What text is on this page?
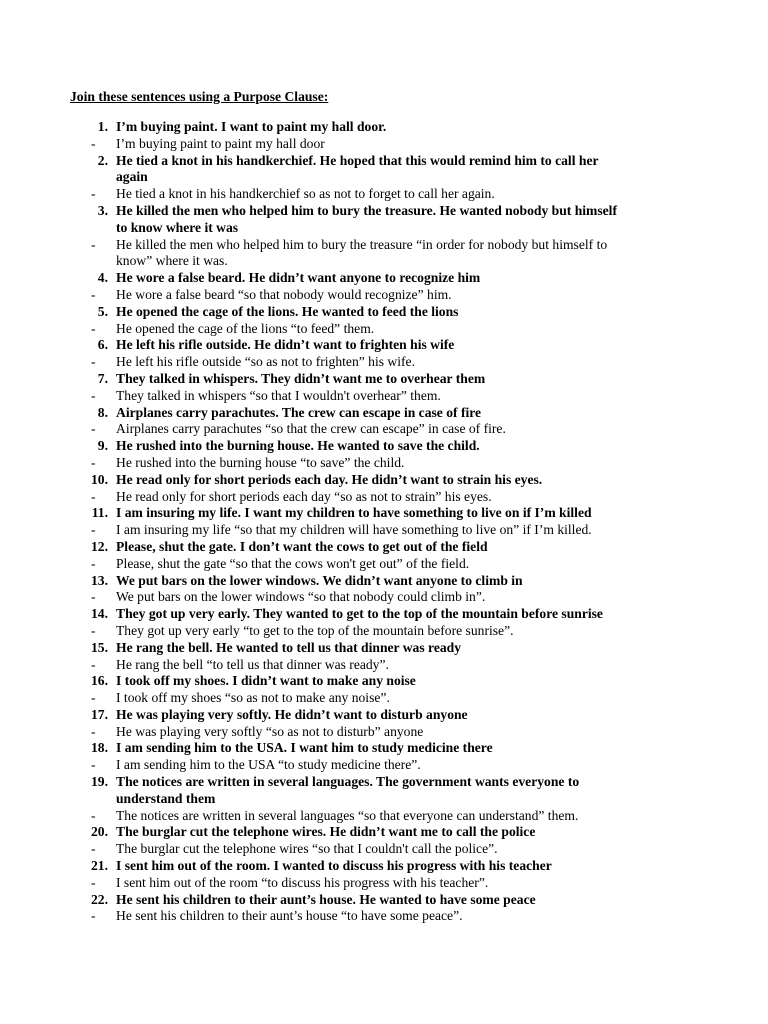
Join these sentences using a Purpose Clause:
1. I’m buying paint. I want to paint my hall door.
- I’m buying paint to paint my hall door
2. He tied a knot in his handkerchief. He hoped that this would remind him to call her
again
- He tied a knot in his handkerchief so as not to forget to call her again.
3. He killed the men who helped him to bury the treasure. He wanted nobody but himself
to know where it was
- He killed the men who helped him to bury the treasure “in order for nobody but himself to
know” where it was.
4. He wore a false beard. He didn’t want anyone to recognize him
- He wore a false beard “so that nobody would recognize” him.
5. He opened the cage of the lions. He wanted to feed the lions
- He opened the cage of the lions “to feed” them.
6. He left his rifle outside. He didn’t want to frighten his wife
- He left his rifle outside “so as not to frighten” his wife.
7. They talked in whispers. They didn’t want me to overhear them
- They talked in whispers “so that I wouldn't overhear” them.
8. Airplanes carry parachutes. The crew can escape in case of fire
- Airplanes carry parachutes “so that the crew can escape” in case of fire.
9. He rushed into the burning house. He wanted to save the child.
- He rushed into the burning house “to save” the child.
10. He read only for short periods each day. He didn’t want to strain his eyes.
- He read only for short periods each day “so as not to strain” his eyes.
11. I am insuring my life. I want my children to have something to live on if I’m killed
- I am insuring my life “so that my children will have something to live on” if I’m killed.
12. Please, shut the gate. I don’t want the cows to get out of the field
- Please, shut the gate “so that the cows won't get out” of the field.
13. We put bars on the lower windows. We didn’t want anyone to climb in
- We put bars on the lower windows “so that nobody could climb in”.
14. They got up very early. They wanted to get to the top of the mountain before sunrise
- They got up very early “to get to the top of the mountain before sunrise”.
15. He rang the bell. He wanted to tell us that dinner was ready
- He rang the bell “to tell us that dinner was ready”.
16. I took off my shoes. I didn’t want to make any noise
- I took off my shoes “so as not to make any noise”.
17. He was playing very softly. He didn’t want to disturb anyone
- He was playing very softly “so as not to disturb” anyone
18. I am sending him to the USA. I want him to study medicine there
- I am sending him to the USA “to study medicine there”.
19. The notices are written in several languages. The government wants everyone to
understand them
- The notices are written in several languages “so that everyone can understand” them.
20. The burglar cut the telephone wires. He didn’t want me to call the police
- The burglar cut the telephone wires “so that I couldn't call the police”.
21. I sent him out of the room. I wanted to discuss his progress with his teacher
- I sent him out of the room “to discuss his progress with his teacher”.
22. He sent his children to their aunt’s house. He wanted to have some peace
- He sent his children to their aunt’s house “to have some peace”.
